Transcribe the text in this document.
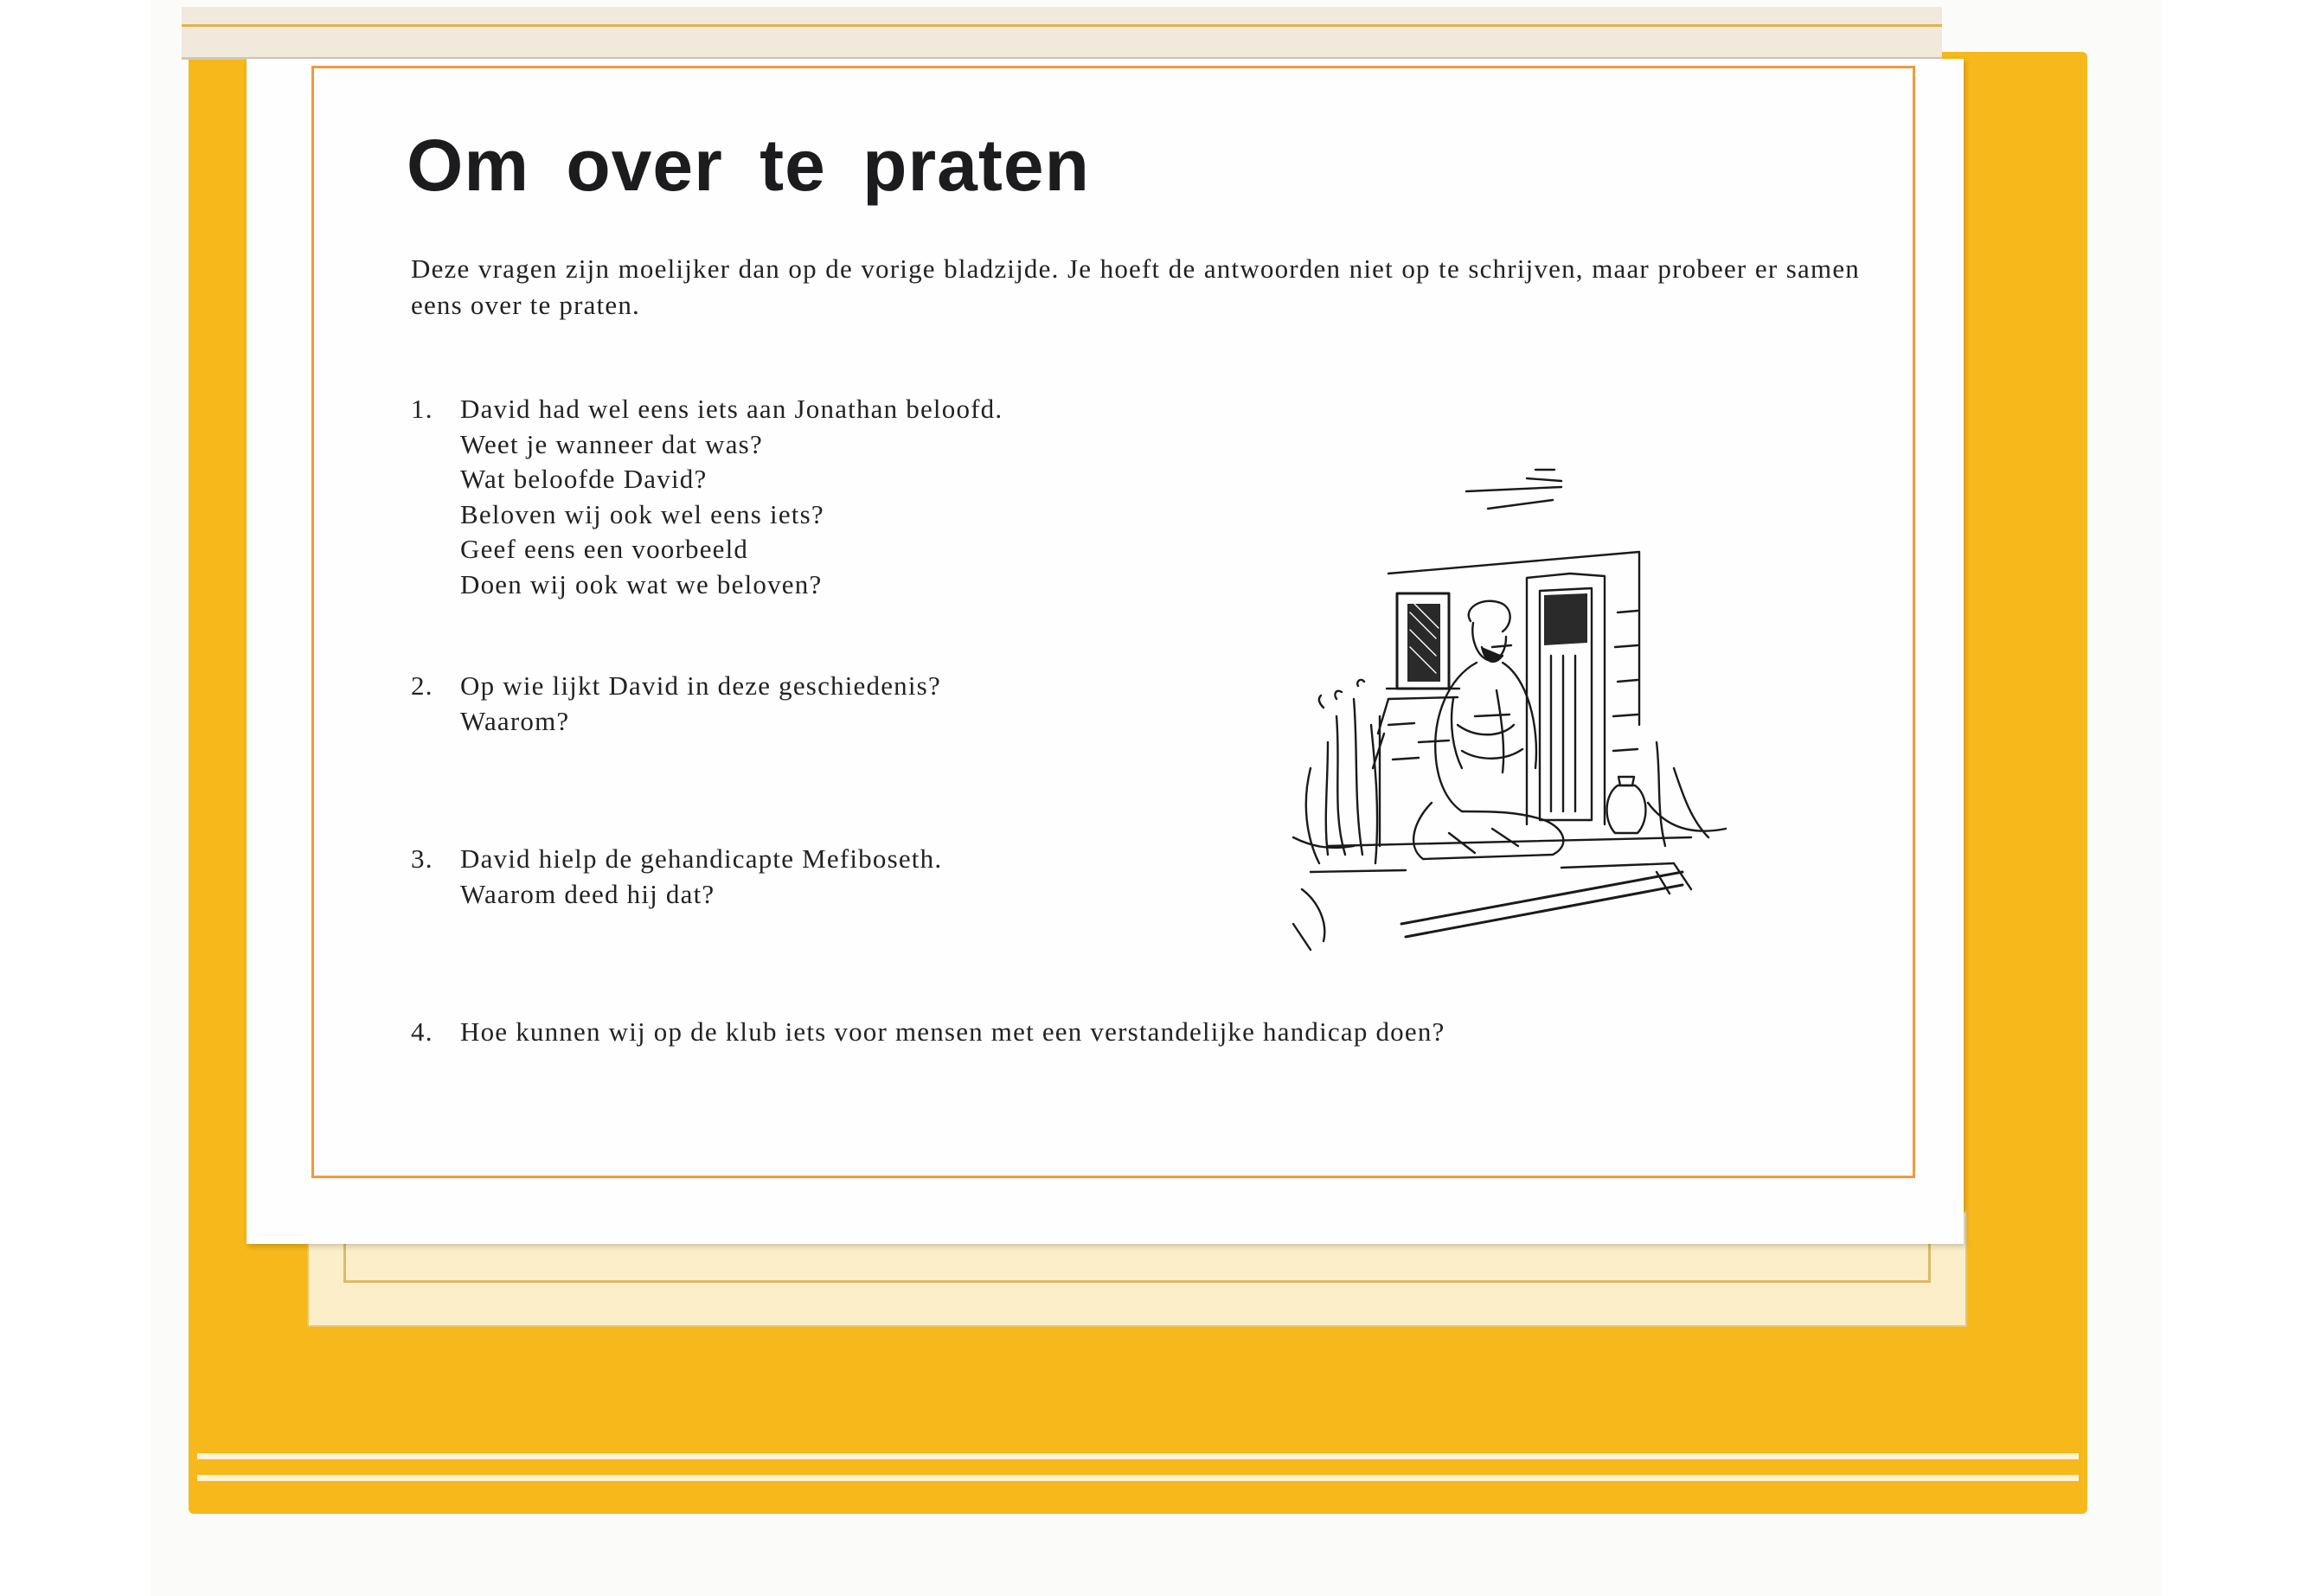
Om over te praten

Deze vragen zijn moelijker dan op de vorige bladzijde. Je hoeft de antwoorden niet op te schrijven, maar probeer er samen eens over te praten.

1.	David had wel eens iets aan Jonathan beloofd.
Weet je wanneer dat was?
Wat beloofde David?
Beloven wij ook wel eens iets?
Geef eens een voorbeeld
Doen wij ook wat we beloven?
2.	Op wie lijkt David in deze geschiedenis?
Waarom?
3.	David hielp de gehandicapte Mefiboseth.
Waarom deed hij dat?
4.	Hoe kunnen wij op de klub iets voor mensen met een verstandelijke handicap doen?
